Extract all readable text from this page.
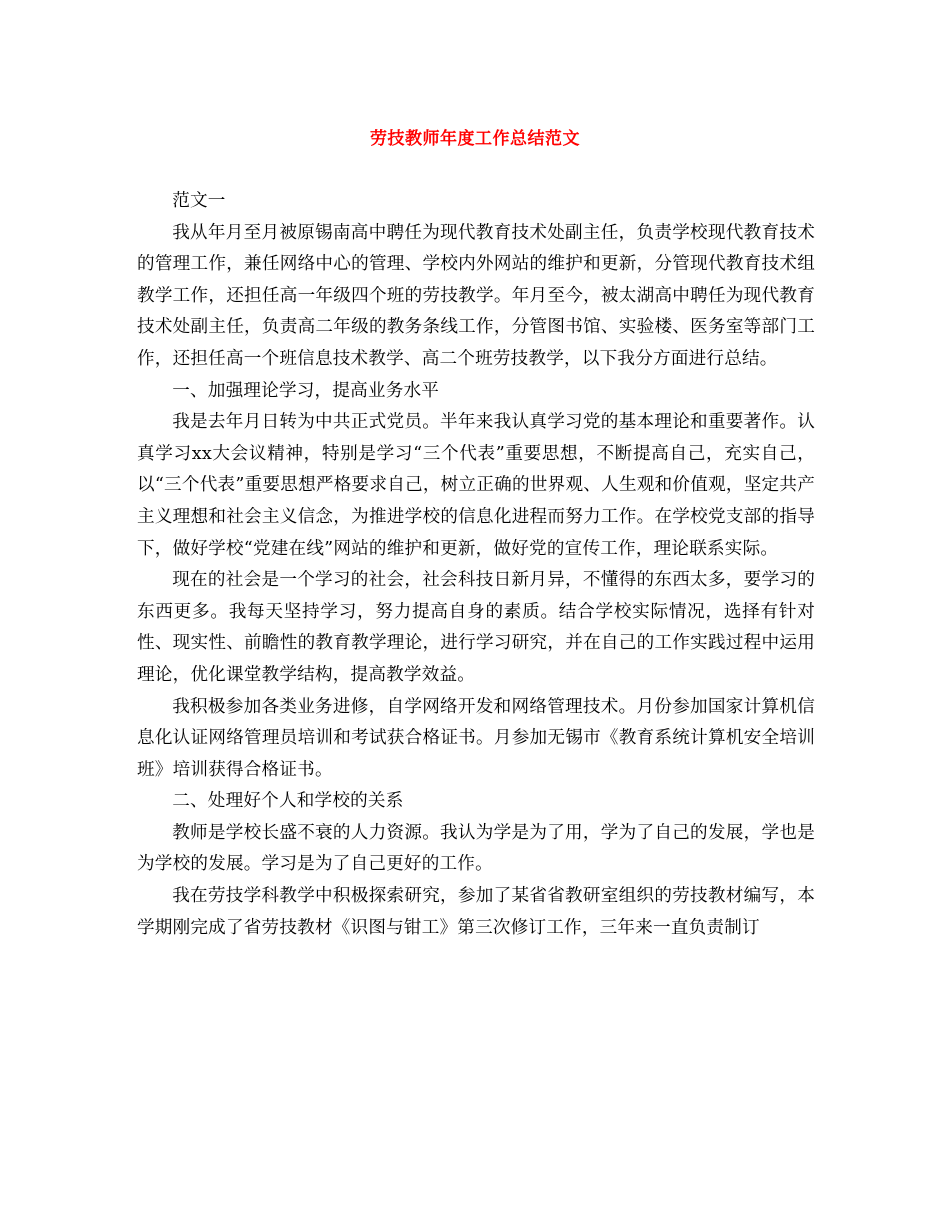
劳技教师年度工作总结范文

范文一

我从年月至月被原锡南高中聘任为现代教育技术处副主任，负责学校现代教育技术的管理工作，兼任网络中心的管理、学校内外网站的维护和更新，分管现代教育技术组教学工作，还担任高一年级四个班的劳技教学。年月至今，被太湖高中聘任为现代教育技术处副主任，负责高二年级的教务条线工作，分管图书馆、实验楼、医务室等部门工作，还担任高一个班信息技术教学、高二个班劳技教学，以下我分方面进行总结。

一、加强理论学习，提高业务水平

我是去年月日转为中共正式党员。半年来我认真学习党的基本理论和重要著作。认真学习xx大会议精神，特别是学习“三个代表”重要思想，不断提高自己，充实自己，以“三个代表”重要思想严格要求自己，树立正确的世界观、人生观和价值观，坚定共产主义理想和社会主义信念，为推进学校的信息化进程而努力工作。在学校党支部的指导下，做好学校“党建在线”网站的维护和更新，做好党的宣传工作，理论联系实际。

现在的社会是一个学习的社会，社会科技日新月异，不懂得的东西太多，要学习的东西更多。我每天坚持学习，努力提高自身的素质。结合学校实际情况，选择有针对性、现实性、前瞻性的教育教学理论，进行学习研究，并在自己的工作实践过程中运用理论，优化课堂教学结构，提高教学效益。

我积极参加各类业务进修，自学网络开发和网络管理技术。月份参加国家计算机信息化认证网络管理员培训和考试获合格证书。月参加无锡市《教育系统计算机安全培训班》培训获得合格证书。

二、处理好个人和学校的关系

教师是学校长盛不衰的人力资源。我认为学是为了用，学为了自己的发展，学也是为学校的发展。学习是为了自己更好的工作。

我在劳技学科教学中积极探索研究，参加了某省省教研室组织的劳技教材编写，本学期刚完成了省劳技教材《识图与钳工》第三次修订工作，三年来一直负责制订
